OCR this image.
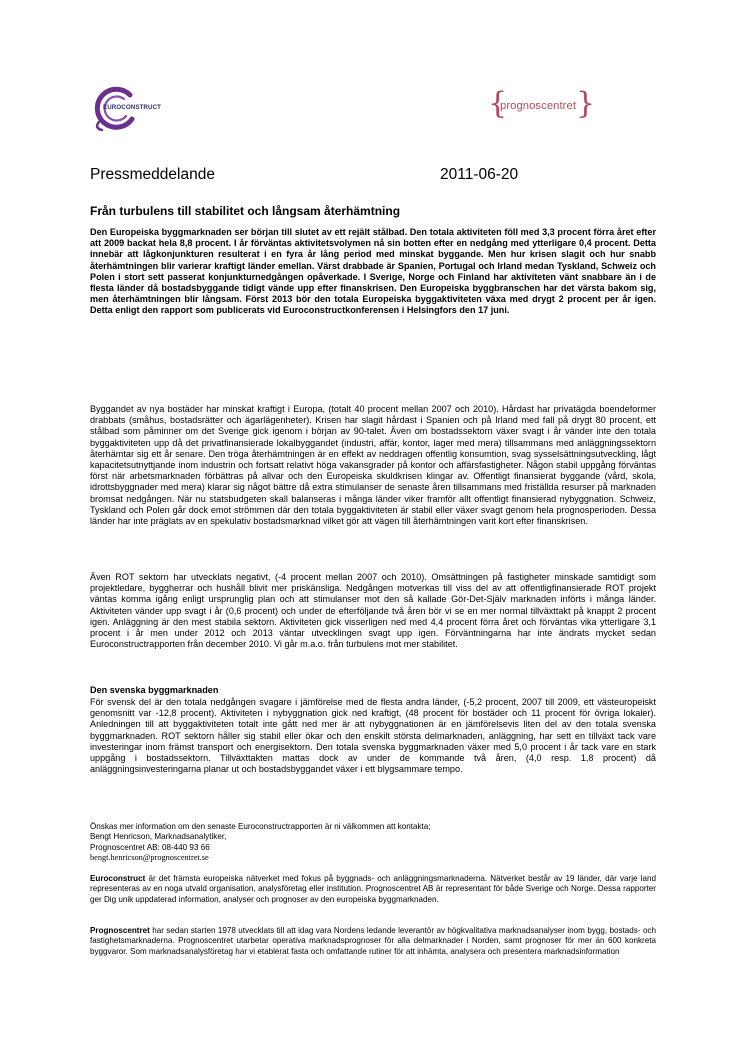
EUROCONSTRUCT	{
prognoscentret }
Pressmeddelande	2011-06-20
Från turbulens till stabilitet och långsam återhämtning
Den Europeiska byggmarknaden ser början till slutet av ett rejält stålbad. Den totala aktiviteten föll med 3,3 procent förra året efter att 2009 backat hela 8,8 procent. I år förväntas aktivitetsvolymen nå sin botten efter en nedgång med ytterligare 0,4 procent. Detta innebär att lågkonjunkturen resulterat i en fyra år lång period med minskat byggande. Men hur krisen slagit och hur snabb återhämtningen blir varierar kraftigt länder emellan. Värst drabbade är Spanien, Portugal och Irland medan Tyskland, Schweiz och Polen i stort sett passerat konjunkturnedgången opåverkade. I Sverige, Norge och Finland har aktiviteten vänt snabbare än i de flesta länder då bostadsbyggande tidigt vände upp efter finanskrisen. Den Europeiska byggbranschen har det värsta bakom sig, men återhämtningen blir långsam. Först 2013 bör den totala Europeiska byggaktiviteten växa med drygt 2 procent per år igen. Detta enligt den rapport som publicerats vid Euroconstructkonferensen i Helsingfors den 17 juni.
Byggandet av nya bostäder har minskat kraftigt i Europa, (totalt 40 procent mellan 2007 och 2010). Hårdast har privatägda boendeformer drabbats (småhus, bostadsrätter och ägarlägenheter). Krisen har slagit hårdast i Spanien och på Irland med fall på drygt 80 procent, ett stålbad som påminner om det Sverige gick igenom i början av 90-talet. Även om bostadssektorn växer svagt i år vänder inte den totala byggaktiviteten upp då det privatfinansierade lokalbyggandet (industri, affär, kontor, lager med mera) tillsammans med anläggningssektorn återhämtar sig ett år senare. Den tröga återhämtningen är en effekt av neddragen offentlig konsumtion, svag sysselsättningsutveckling, lågt kapacitetsutnyttjande inom industrin och fortsatt relativt höga vakansgrader på kontor och affärsfastigheter. Någon stabil uppgång förväntas först när arbetsmarknaden förbättras på allvar och den Europeiska skuldkrisen klingar av. Offentligt finansierat byggande (vård, skola, idrottsbyggnader med mera) klarar sig något bättre då extra stimulanser de senaste åren tillsammans med friställda resurser på marknaden bromsat nedgången. När nu statsbudgeten skall balanseras i många länder viker framför allt offentligt finansierad nybyggnation. Schweiz, Tyskland och Polen går dock emot strömmen där den totala byggaktiviteten är stabil eller växer svagt genom hela prognosperioden. Dessa länder har inte präglats av en spekulativ bostadsmarknad vilket gör att vägen till återhämtningen varit kort efter finanskrisen.
Även ROT sektorn har utvecklats negativt, (-4 procent mellan 2007 och 2010). Omsättningen på fastigheter minskade samtidigt som projektledare, byggherrar och hushåll blivit mer priskänsliga. Nedgången motverkas till viss del av att offentligfinansierade ROT projekt väntas komma igång enligt ursprunglig plan och att stimulanser mot den så kallade Gör-Det-Själv marknaden införts i många länder. Aktiviteten vänder upp svagt i år (0,6 procent) och under de efterföljande två åren bör vi se en mer normal tillväxttakt på knappt 2 procent igen. Anläggning är den mest stabila sektorn. Aktiviteten gick visserligen ned med 4,4 procent förra året och förväntas vika ytterligare 3,1 procent i år men under 2012 och 2013 väntar utvecklingen svagt upp igen. Förväntningarna har inte ändrats mycket sedan Euroconstructrapporten från december 2010. Vi går m.a.o. från turbulens mot mer stabilitet.
Den svenska byggmarknaden
För svensk del är den totala nedgången svagare i jämförelse med de flesta andra länder, (-5,2 procent, 2007 till 2009, ett västeuropeiskt genomsnitt var -12,8 procent). Aktiviteten i nybyggnation gick ned kraftigt, (48 procent för bostäder och 11 procent för övriga lokaler). Anledningen till att byggaktiviteten totalt inte gått ned mer är att nybyggnationen är en jämförelsevis liten del av den totala svenska byggmarknaden. ROT sektorn håller sig stabil eller ökar och den enskilt största delmarknaden, anläggning, har sett en tillväxt tack vare investeringar inom främst transport och energisektorn. Den totala svenska byggmarknaden växer med 5,0 procent i år tack vare en stark uppgång i bostadssektorn. Tillväxttakten mattas dock av under de kommande två åren, (4,0 resp. 1,8 procent) då anläggningsinvesteringarna planar ut och bostadsbyggandet växer i ett blygsammare tempo.
Önskas mer information om den senaste Euroconstructrapporten är ni välkommen att kontakta;
Bengt Henricson, Marknadsanalytiker,
Prognoscentret AB: 08-440 93 66
bengt.henricson@prognoscentret.se
Euroconstruct är det främsta europeiska nätverket med fokus på byggnads- och anläggningsmarknaderna. Nätverket består av 19 länder, där varje land representeras av en noga utvald organisation, analysföretag eller institution. Prognoscentret AB är representant för både Sverige och Norge. Dessa rapporter ger Dig unik uppdaterad information, analyser och prognoser av den europeiska byggmarknaden.
Prognoscentret har sedan starten 1978 utvecklats till att idag vara Nordens ledande leverantör av högkvalitativa marknadsanalyser inom bygg, bostads- och fastighetsmarknaderna. Prognoscentret utarbetar operativa marknadsprognoser för alla delmarknader i Norden, samt prognoser för mer än 600 konkreta byggvaror. Som marknadsanalysföretag har vi etablerat fasta och omfattande rutiner för att inhämta, analysera och presentera marknadsinformation
